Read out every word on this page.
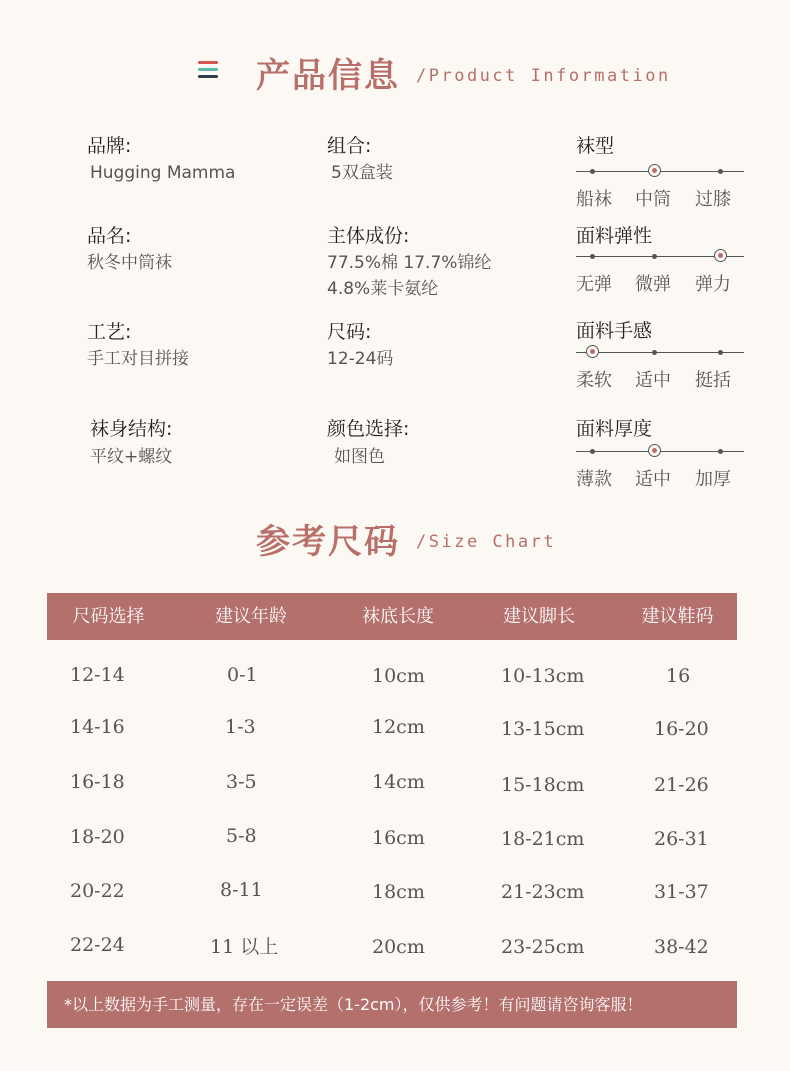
产品信息 /Product Information
品牌:
Hugging Mamma
品名:
秋冬中筒袜
工艺:
手工对目拼接
袜身结构:
平纹+螺纹
组合:
5双盒装
主体成份:
77.5%棉 17.7%锦纶
4.8%莱卡氨纶
尺码:
12-24码
颜色选择:
如图色
袜型
船袜 中筒 过膝
面料弹性
无弹 微弹 弹力
面料手感
柔软 适中 挺括
面料厚度
薄款 适中 加厚
参考尺码 /Size Chart
尺码选择	建议年龄	袜底长度	建议脚长	建议鞋码
12-14	0-1	10cm	10-13cm	16
14-16	1-3	12cm	13-15cm	16-20
16-18	3-5	14cm	15-18cm	21-26
18-20	5-8	16cm	18-21cm	26-31
20-22	8-11	18cm	21-23cm	31-37
22-24	11 以上	20cm	23-25cm	38-42
*以上数据为手工测量，存在一定误差（1-2cm），仅供参考！有问题请咨询客服！
